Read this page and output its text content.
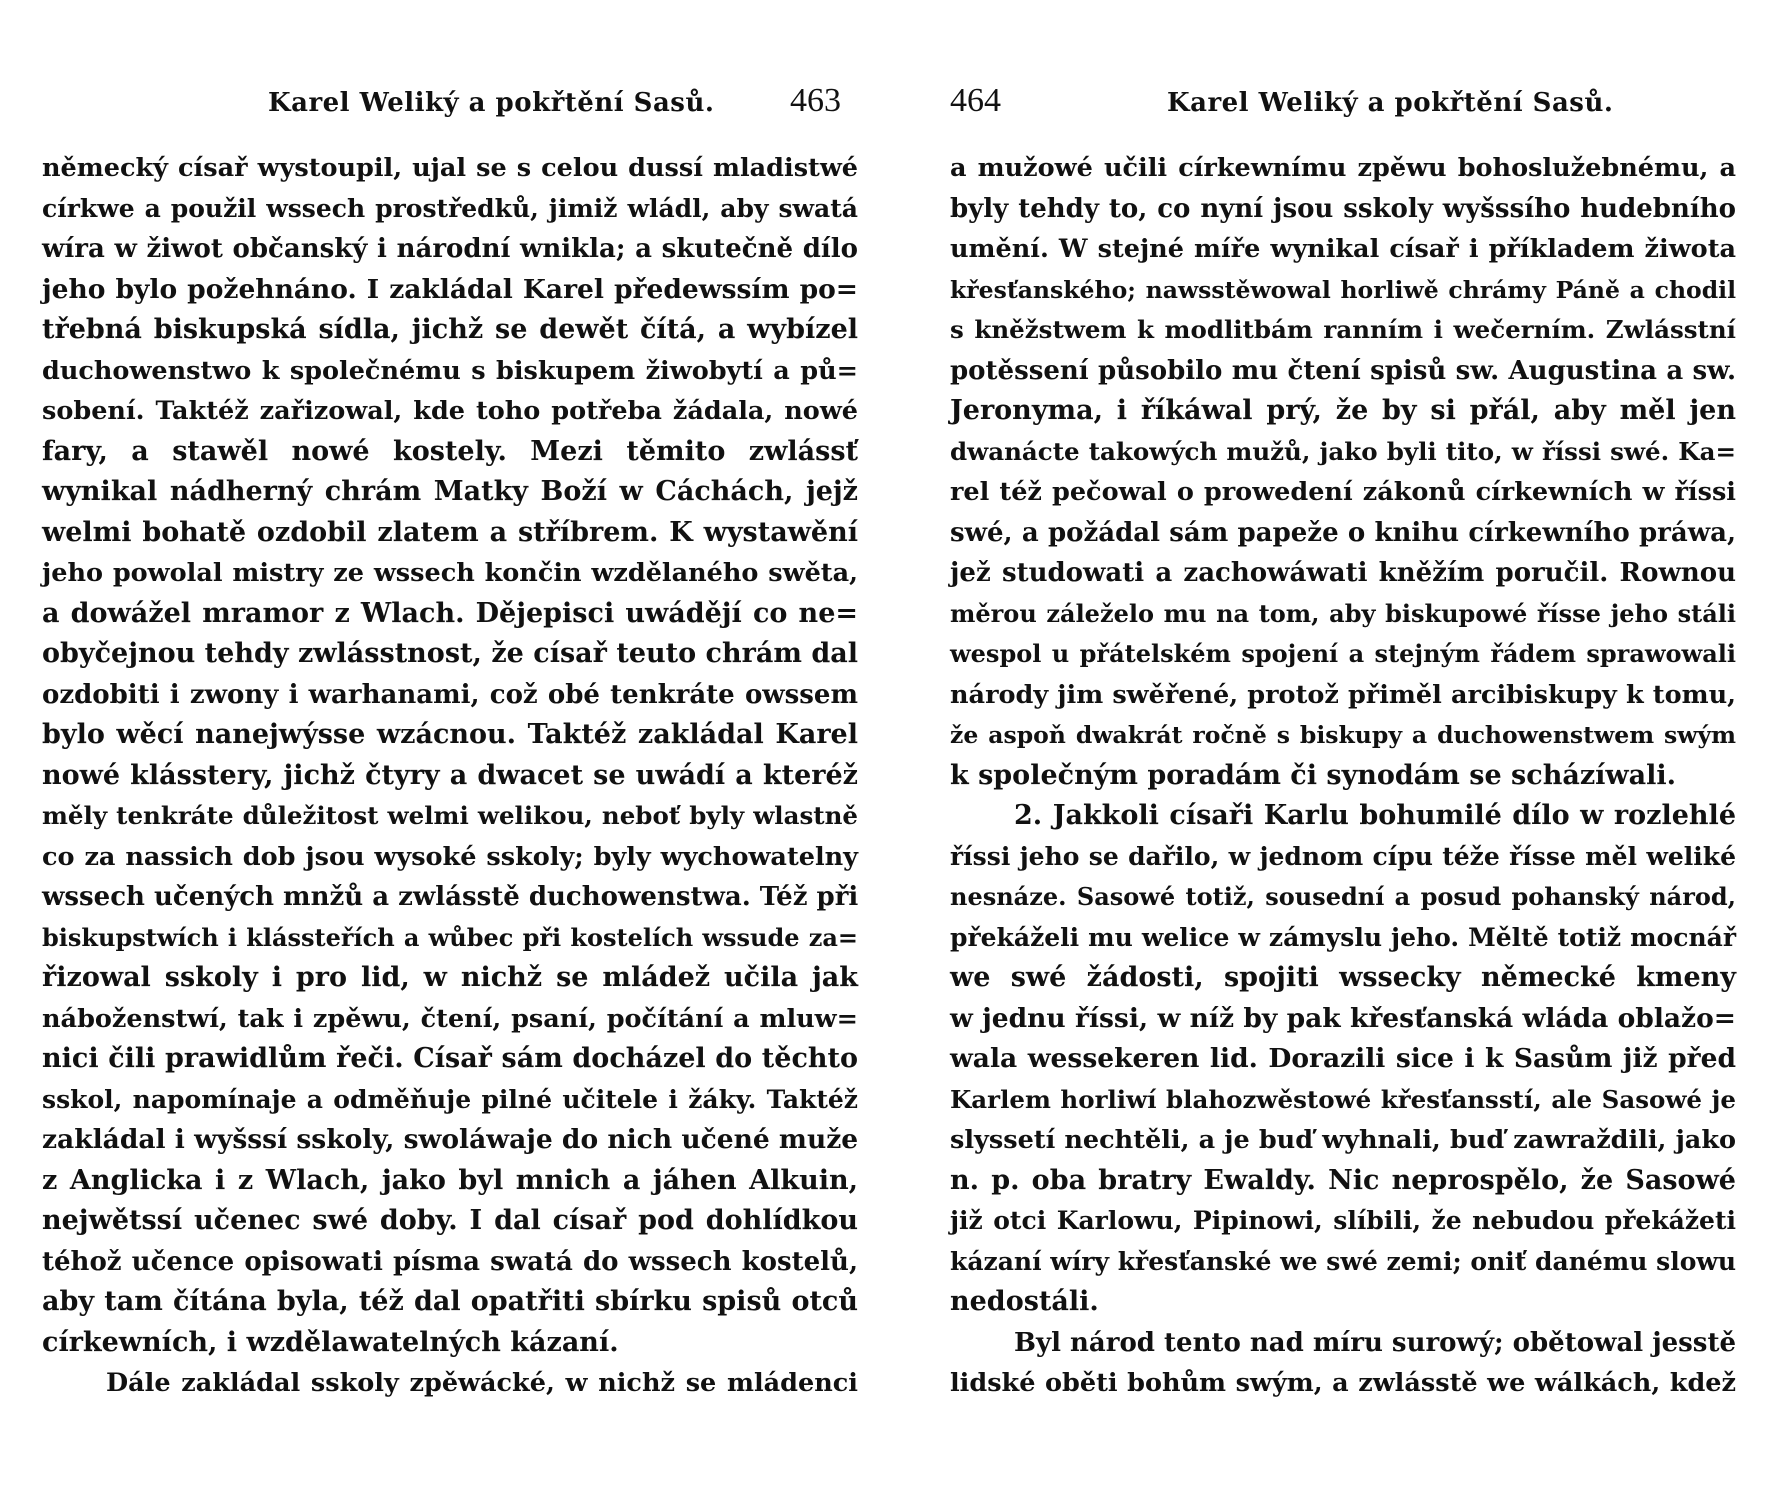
Karel Weliký a pokřtění Sasů. 463
německý císař wystoupil, ujal se s celou dussí mladistwé
církwe a použil wssech prostředků, jimiž wládl, aby swatá
wíra w žiwot občanský i národní wnikla; a skutečně dílo
jeho bylo požehnáno. I zakládal Karel předewssím po=
třebná biskupská sídla, jichž se dewět čítá, a wybízel
duchowenstwo k společnému s biskupem žiwobytí a pů=
sobení. Taktéž zařizowal, kde toho potřeba žádala, nowé
fary, a stawěl nowé kostely. Mezi těmito zwlássť
wynikal nádherný chrám Matky Boží w Cáchách, jejž
welmi bohatě ozdobil zlatem a stříbrem. K wystawění
jeho powolal mistry ze wssech končin wzdělaného swěta,
a dowážel mramor z Wlach. Dějepisci uwádějí co ne=
obyčejnou tehdy zwlásstnost, že císař teuto chrám dal
ozdobiti i zwony i warhanami, což obé tenkráte owssem
bylo wěcí nanejwýsse wzácnou. Taktéž zakládal Karel
nowé klásstery, jichž čtyry a dwacet se uwádí a kteréž
měly tenkráte důležitost welmi welikou, neboť byly wlastně
co za nassich dob jsou wysoké sskoly; byly wychowatelny
wssech učených mnžů a zwlásstě duchowenstwa. Též při
biskupstwích i klássteřích a wůbec při kostelích wssude za=
řizowal sskoly i pro lid, w nichž se mládež učila jak
náboženstwí, tak i zpěwu, čtení, psaní, počítání a mluw=
nici čili prawidlům řeči. Císař sám docházel do těchto
sskol, napomínaje a odměňuje pilné učitele i žáky. Taktéž
zakládal i wyšssí sskoly, swoláwaje do nich učené muže
z Anglicka i z Wlach, jako byl mnich a jáhen Alkuin,
nejwětssí učenec swé doby. I dal císař pod dohlídkou
téhož učence opisowati písma swatá do wssech kostelů,
aby tam čítána byla, též dal opatřiti sbírku spisů otců
církewních, i wzdělawatelných kázaní.
Dále zakládal sskoly zpěwácké, w nichž se mládenci
464	Karel Weliký a pokřtění Sasů.
a mužowé učili církewnímu zpěwu bohoslužebnému, a
byly tehdy to, co nyní jsou sskoly wyšssího hudebního
umění. W stejné míře wynikal císař i příkladem žiwota
křesťanského; nawsstěwowal horliwě chrámy Páně a chodil
s kněžstwem k modlitbám ranním i wečerním. Zwlásstní
potěssení působilo mu čtení spisů sw. Augustina a sw.
Jeronyma, i říkáwal prý, že by si přál, aby měl jen
dwanácte takowých mužů, jako byli tito, w říssi swé. Ka=
rel též pečowal o prowedení zákonů církewních w říssi
swé, a požádal sám papeže o knihu církewního práwa,
jež studowati a zachowáwati kněžím poručil. Rownou
měrou záleželo mu na tom, aby biskupowé řísse jeho stáli
wespol u přátelském spojení a stejným řádem sprawowali
národy jim swěřené, protož přiměl arcibiskupy k tomu,
že aspoň dwakrát ročně s biskupy a duchowenstwem swým
k společným poradám či synodám se scházíwali.
2. Jakkoli císaři Karlu bohumilé dílo w rozlehlé
říssi jeho se dařilo, w jednom cípu téže řísse měl weliké
nesnáze. Sasowé totiž, sousední a posud pohanský národ,
překáželi mu welice w zámyslu jeho. Měltě totiž mocnář
we swé žádosti, spojiti wssecky německé kmeny
w jednu říssi, w níž by pak křesťanská wláda oblažo=
wala wessekeren lid. Dorazili sice i k Sasům již před
Karlem horliwí blahozwěstowé křesťansstí, ale Sasowé je
slyssetí nechtěli, a je buď wyhnali, buď zawraždili, jako
n. p. oba bratry Ewaldy. Nic neprospělo, že Sasowé
již otci Karlowu, Pipinowi, slíbili, že nebudou překážeti
kázaní wíry křesťanské we swé zemi; oniť danému slowu
nedostáli.
Byl národ tento nad míru surowý; obětowal jesstě
lidské oběti bohům swým, a zwlásstě we wálkách, kdež
